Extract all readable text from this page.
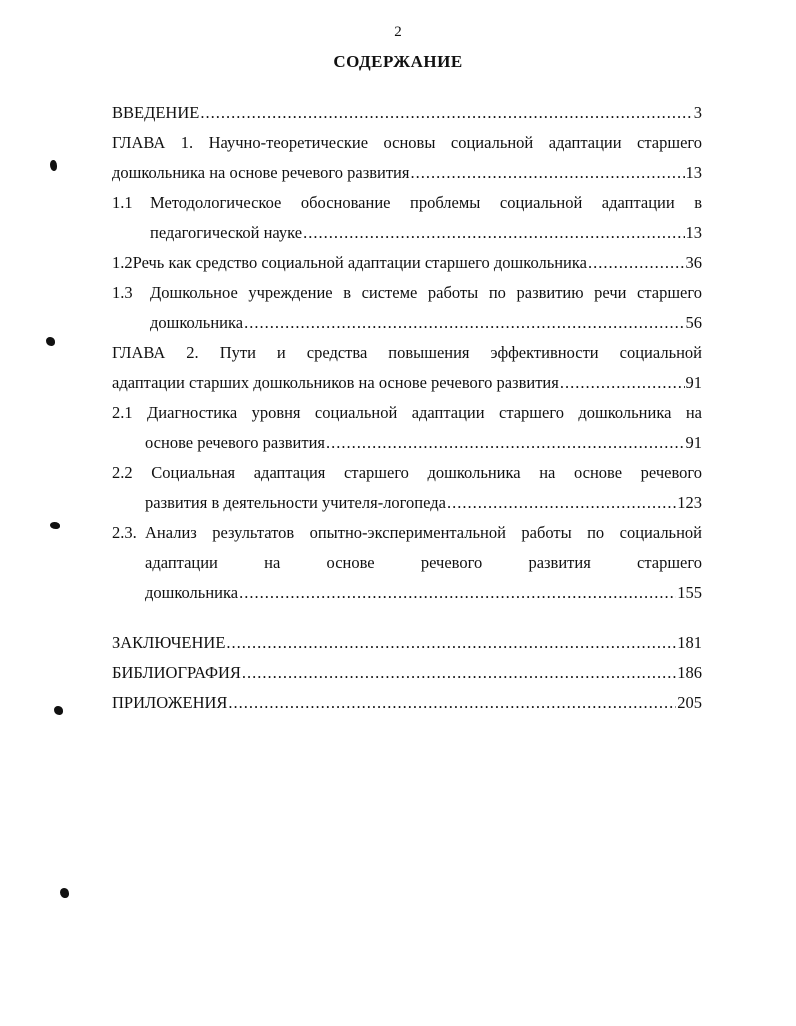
2
СОДЕРЖАНИЕ
ВВЕДЕНИЕ .....	3
ГЛАВА 1. Научно-теоретические основы социальной адаптации старшего
дошкольника на основе речевого развития .....	13
1.1	Методологическое обоснование проблемы социальной адаптации в
педагогической науке .....	13
1.2 Речь как средство социальной адаптации старшего дошкольника .....	36
1.3	Дошкольное учреждение в системе работы по развитию речи старшего
дошкольника .....	56
ГЛАВА 2. Пути и средства повышения эффективности социальной
адаптации старших дошкольников на основе речевого развития .....	91
2.1 Диагностика уровня социальной адаптации старшего дошкольника на
основе речевого развития .....	91
2.2 Социальная адаптация старшего дошкольника на основе речевого
развития в деятельности учителя-логопеда .....	123
2.3. Анализ результатов опытно-экспериментальной работы по социальной
адаптации на основе речевого развития старшего
дошкольника .....	155
ЗАКЛЮЧЕНИЕ .....	181
БИБЛИОГРАФИЯ .....	186
ПРИЛОЖЕНИЯ .....	205
